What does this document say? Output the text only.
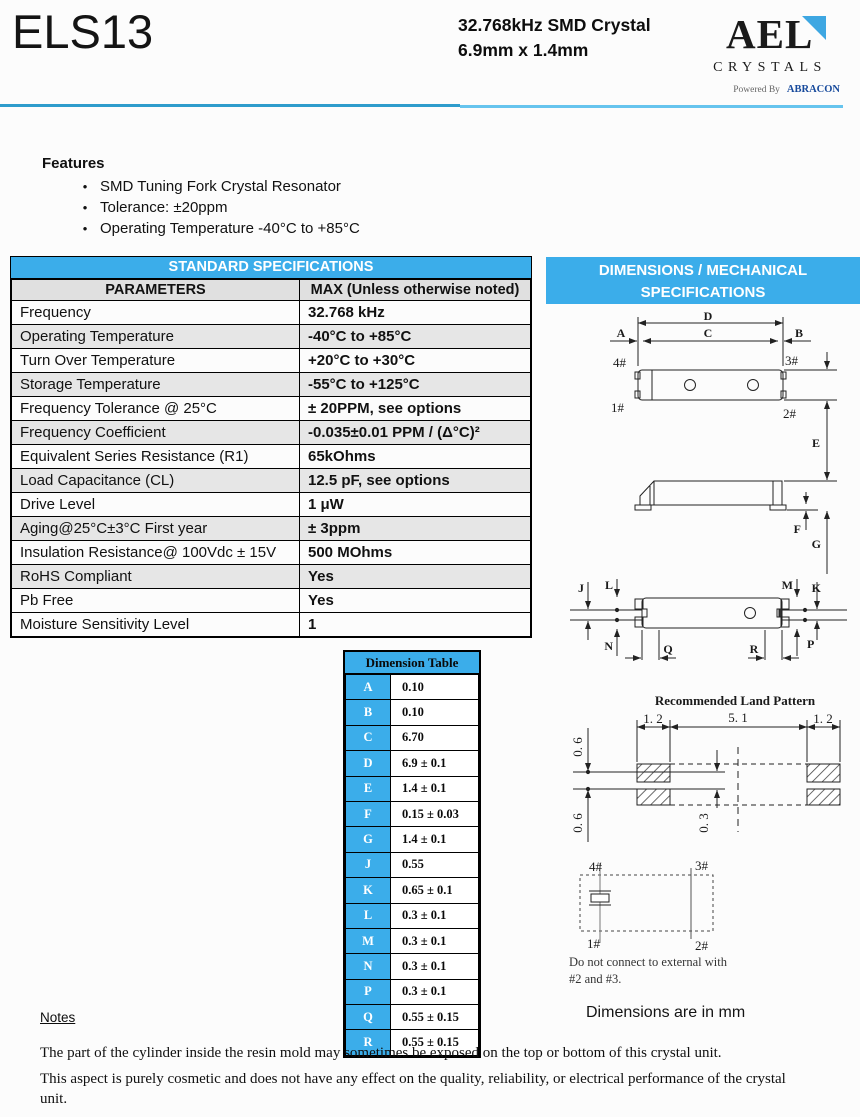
ELS13	32.768kHz SMD Crystal
6.9mm x 1.4mm	AEL
CRYSTALS
Powered By ABRACON
Features
• SMD Tuning Fork Crystal Resonator
• Tolerance: ±20ppm
• Operating Temperature -40°C to +85°C
STANDARD SPECIFICATIONS
PARAMETERS	MAX (Unless otherwise noted)
Frequency	32.768 kHz
Operating Temperature	-40°C to +85°C
Turn Over Temperature	+20°C to +30°C
Storage Temperature	-55°C to +125°C
Frequency Tolerance @ 25°C	± 20PPM, see options
Frequency Coefficient	-0.035±0.01 PPM / (Δ°C)²
Equivalent Series Resistance (R1)	65kOhms
Load Capacitance (CL)	12.5 pF, see options
Drive Level	1 μW
Aging@25°C±3°C First year	± 3ppm
Insulation Resistance@ 100Vdc ± 15V	500 MOhms
RoHS Compliant	Yes
Pb Free	Yes
Moisture Sensitivity Level	1
DIMENSIONS / MECHANICAL
SPECIFICATIONS
D
C
A	B
4#	3#
1#	2#
E
F
G
J L	M K
N	P
Q	R
Dimension Table
A	0.10
B	0.10
C	6.70
D	6.9 ± 0.1
E	1.4 ± 0.1
F	0.15 ± 0.03
G	1.4 ± 0.1
J	0.55
K	0.65 ± 0.1
L	0.3 ± 0.1
M	0.3 ± 0.1
N	0.3 ± 0.1
P	0.3 ± 0.1
Q	0.55 ± 0.15
R	0.55 ± 0.15
Recommended Land Pattern
1. 2	5. 1	1. 2
0. 6
0. 6	0. 3
4#	3#
1#	2#
Do not connect to external with
#2 and #3.
Dimensions are in mm
Notes
The part of the cylinder inside the resin mold may sometimes be exposed on the top or bottom of this crystal unit.
This aspect is purely cosmetic and does not have any effect on the quality, reliability, or electrical performance of the crystal unit.
